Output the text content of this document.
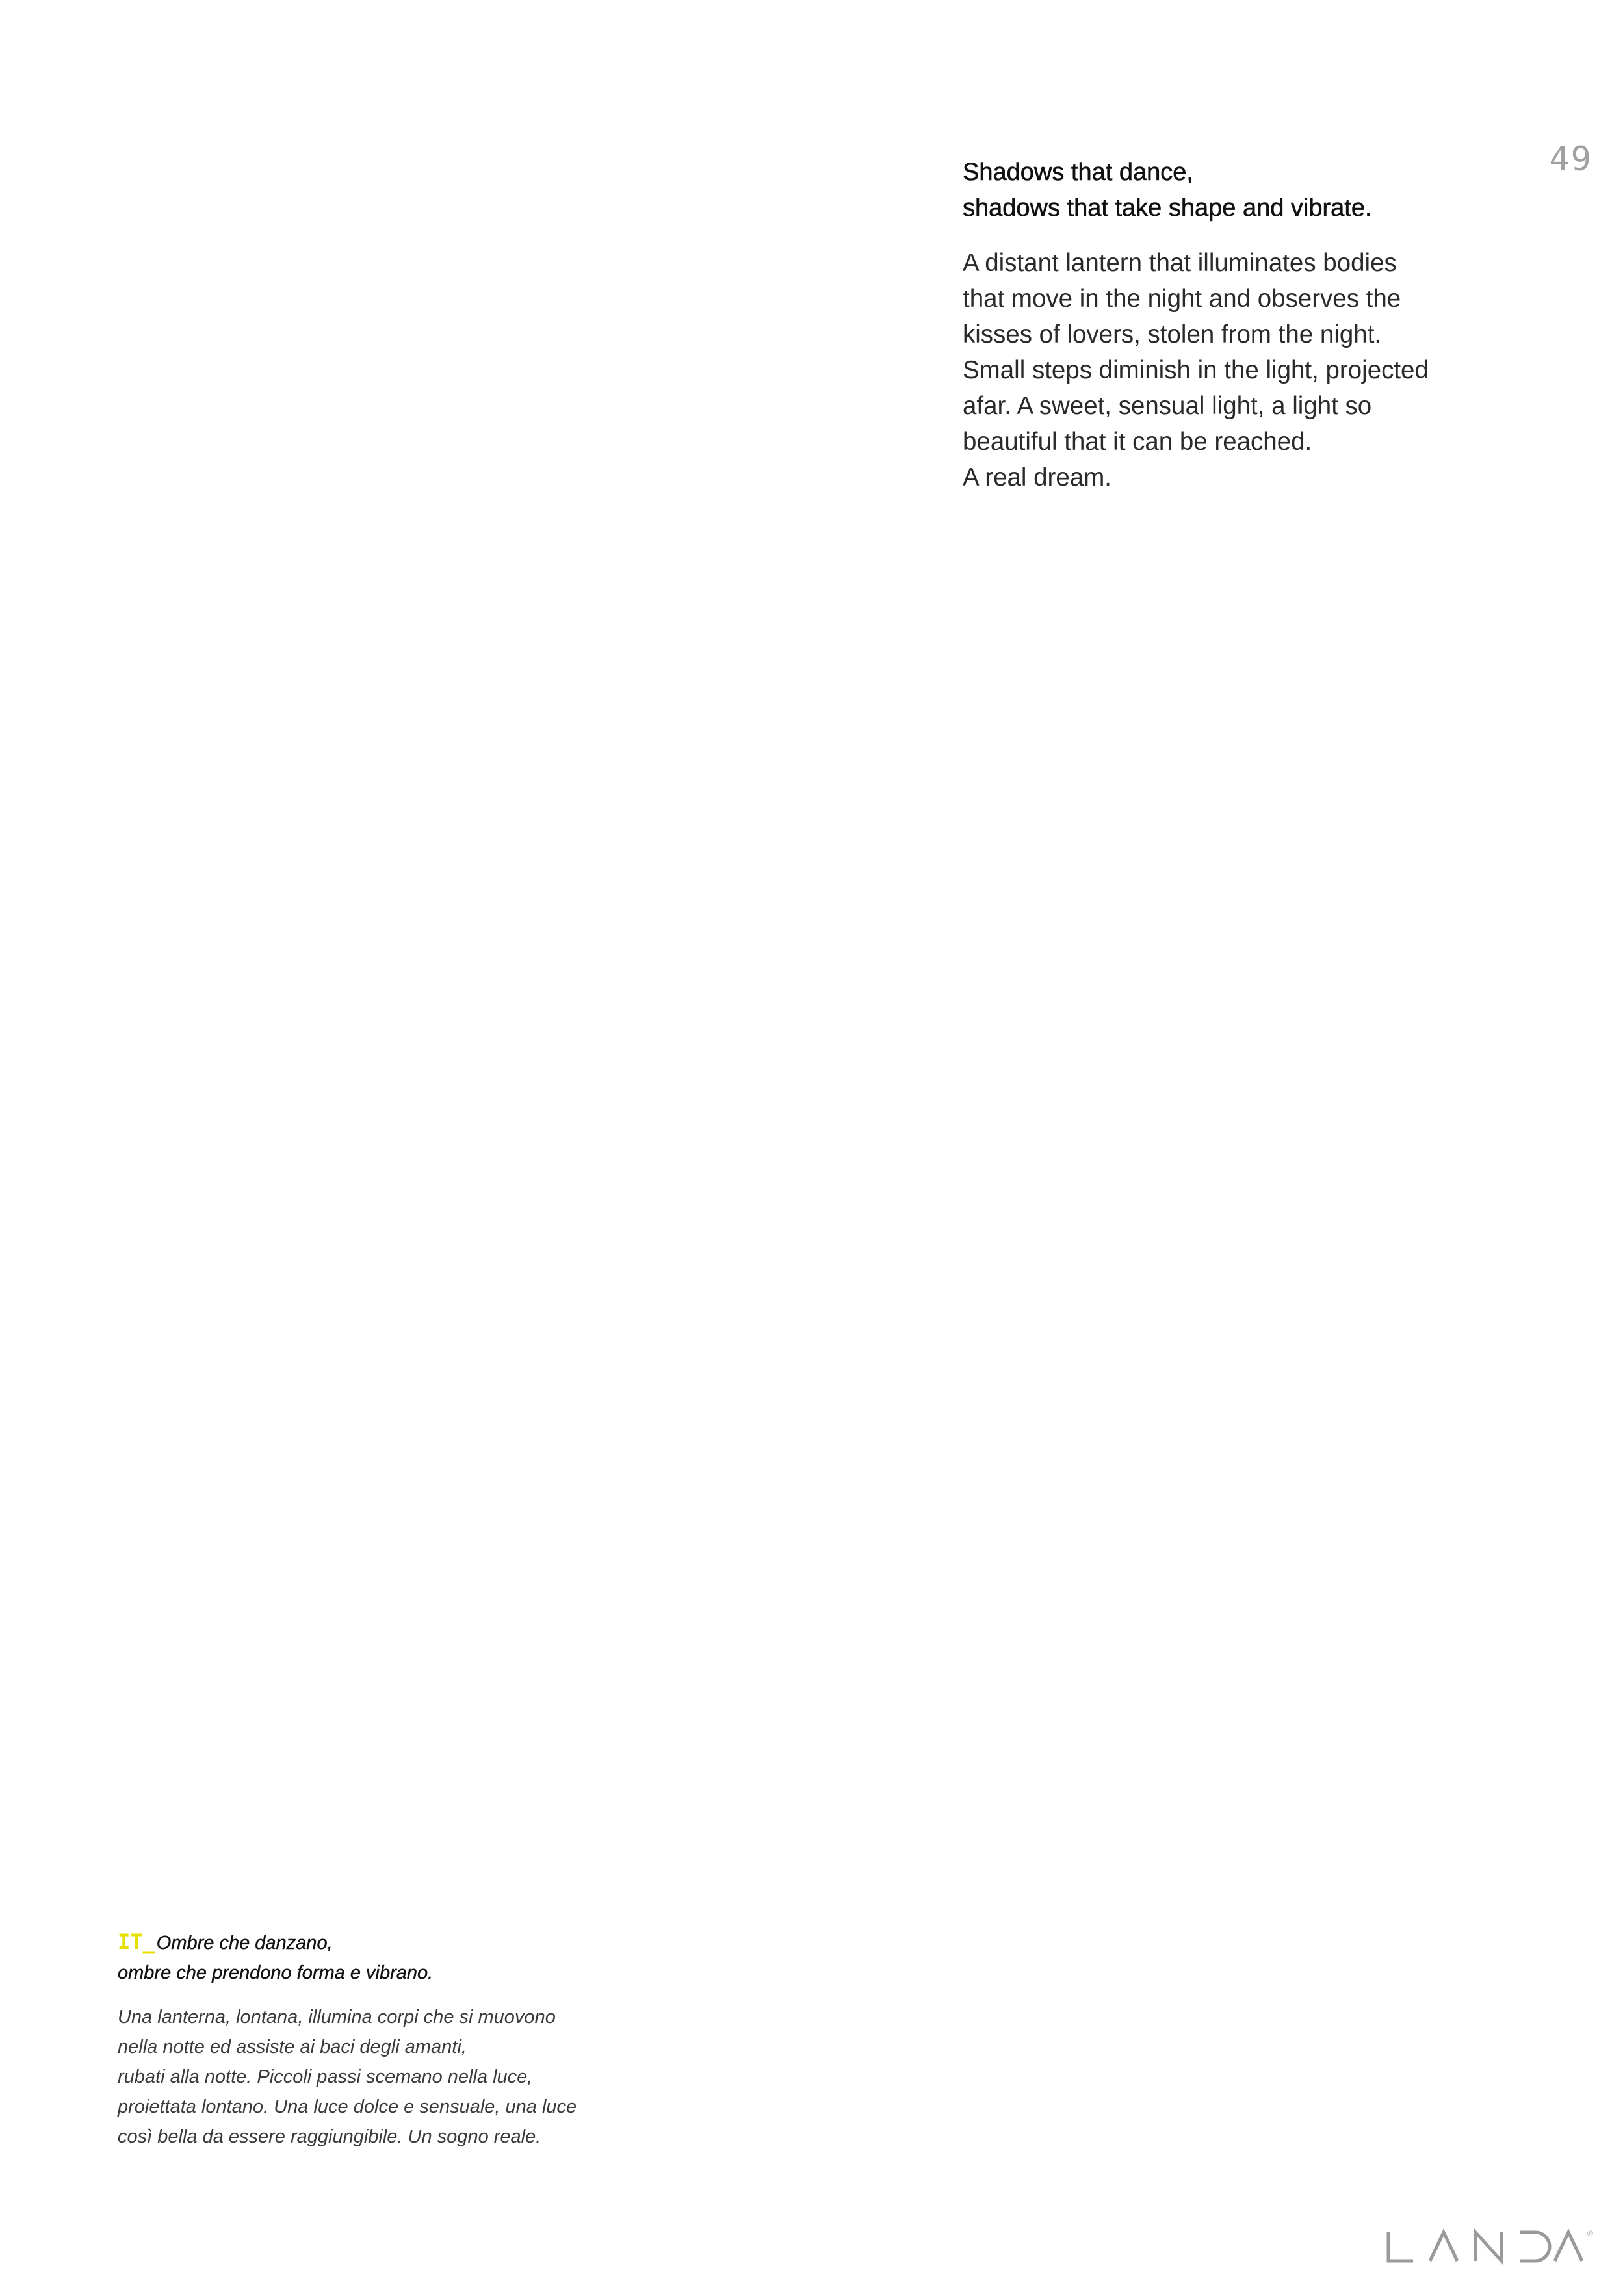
49
Shadows that dance,
shadows that take shape and vibrate.
A distant lantern that illuminates bodies
that move in the night and observes the
kisses of lovers, stolen from the night.
Small steps diminish in the light, projected
afar. A sweet, sensual light, a light so
beautiful that it can be reached.
A real dream.
IT_Ombre che danzano,
ombre che prendono forma e vibrano.
Una lanterna, lontana, illumina corpi che si muovono
nella notte ed assiste ai baci degli amanti,
rubati alla notte. Piccoli passi scemano nella luce,
proiettata lontano. Una luce dolce e sensuale, una luce
così bella da essere raggiungibile. Un sogno reale.
®
